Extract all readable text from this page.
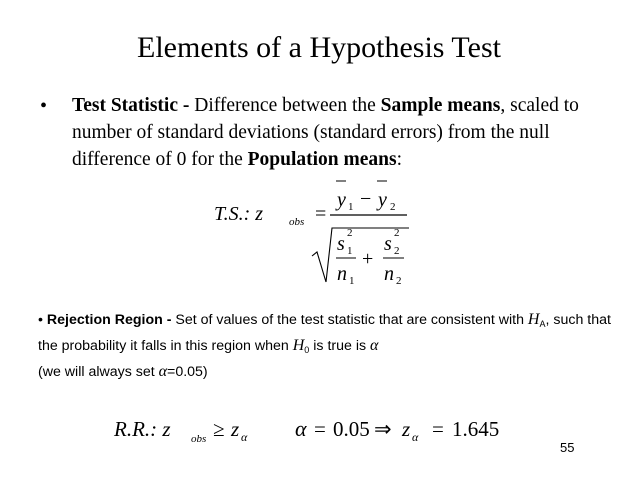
Elements of a Hypothesis Test
• Test Statistic - Difference between the Sample means, scaled to number of standard deviations (standard errors) from the null difference of 0 for the Population means:
T.S.: z obs =
y 1 − y 2
s 2
1
n 1
+
s 2
2
n 2
• Rejection Region - Set of values of the test statistic that are consistent with $H_A$, such that the probability it falls in this region when $H_0$ is true is α
(we will always set α=0.05)
R.R.: z obs ≥ z α α = 0.05 ⇒ z α = 1.645
55
